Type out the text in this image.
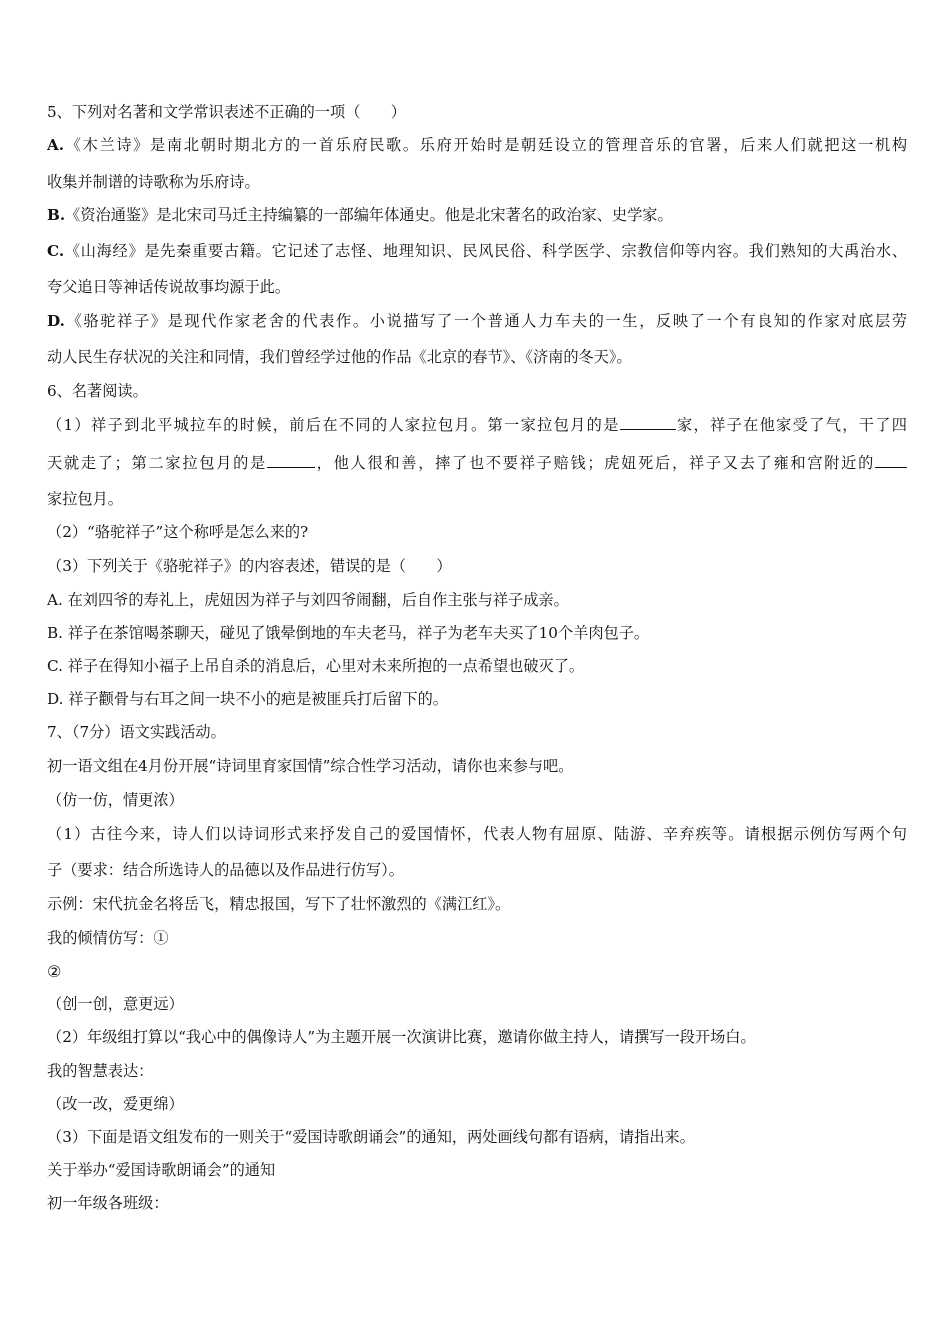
5、下列对名著和文学常识表述不正确的一项（　　）
A.《木兰诗》是南北朝时期北方的一首乐府民歌。乐府开始时是朝廷设立的管理音乐的官署，后来人们就把这一机构
收集并制谱的诗歌称为乐府诗。
B.《资治通鉴》是北宋司马迁主持编纂的一部编年体通史。他是北宋著名的政治家、史学家。
C.《山海经》是先秦重要古籍。它记述了志怪、地理知识、民风民俗、科学医学、宗教信仰等内容。我们熟知的大禹治水、
夸父追日等神话传说故事均源于此。
D.《骆驼祥子》是现代作家老舍的代表作。小说描写了一个普通人力车夫的一生，反映了一个有良知的作家对底层劳
动人民生存状况的关注和同情，我们曾经学过他的作品《北京的春节》、《济南的冬天》。
6、名著阅读。
（1）祥子到北平城拉车的时候，前后在不同的人家拉包月。第一家拉包月的是	家，祥子在他家受了气，干了四
天就走了；第二家拉包月的是	，他人很和善，摔了也不要祥子赔钱；虎妞死后，祥子又去了雍和宫附近的
家拉包月。
（2）“骆驼祥子”这个称呼是怎么来的?
（3）下列关于《骆驼祥子》的内容表述，错误的是（　　）
A. 在刘四爷的寿礼上，虎妞因为祥子与刘四爷闹翻，后自作主张与祥子成亲。
B. 祥子在茶馆喝茶聊天，碰见了饿晕倒地的车夫老马，祥子为老车夫买了10个羊肉包子。
C. 祥子在得知小福子上吊自杀的消息后，心里对未来所抱的一点希望也破灭了。
D. 祥子颧骨与右耳之间一块不小的疤是被匪兵打后留下的。
7、（7分）语文实践活动。
初一语文组在4月份开展“诗词里育家国情”综合性学习活动，请你也来参与吧。
（仿一仿，情更浓）
（1）古往今来，诗人们以诗词形式来抒发自己的爱国情怀，代表人物有屈原、陆游、辛弃疾等。请根据示例仿写两个句
子（要求：结合所选诗人的品德以及作品进行仿写）。
示例：宋代抗金名将岳飞，精忠报国，写下了壮怀激烈的《满江红》。
我的倾情仿写：①
②
（创一创，意更远）
（2）年级组打算以“我心中的偶像诗人”为主题开展一次演讲比赛，邀请你做主持人，请撰写一段开场白。
我的智慧表达：
（改一改，爱更绵）
（3）下面是语文组发布的一则关于“爱国诗歌朗诵会”的通知，两处画线句都有语病，请指出来。
关于举办“爱国诗歌朗诵会”的通知
初一年级各班级：
